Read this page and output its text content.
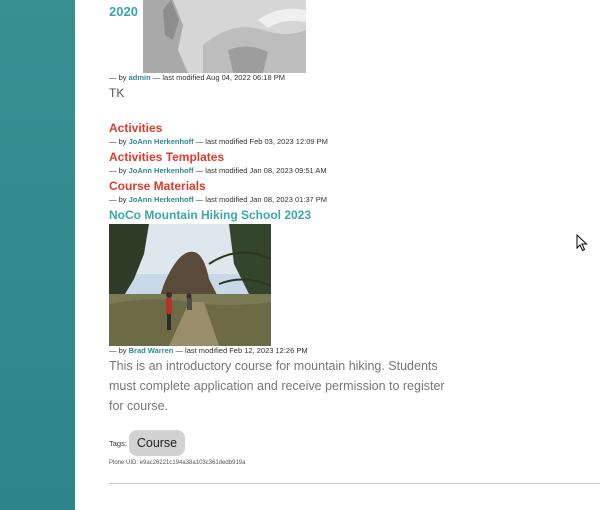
2020
— by admin — last modified Aug 04, 2022 06:18 PM
TK
Activities
— by JoAnn Herkenhoff — last modified Feb 03, 2023 12:09 PM
Activities Templates
— by JoAnn Herkenhoff — last modified Jan 08, 2023 09:51 AM
Course Materials
— by JoAnn Herkenhoff — last modified Jan 08, 2023 01:37 PM
NoCo Mountain Hiking School 2023
— by Brad Warren — last modified Feb 12, 2023 12:26 PM
This is an introductory course for mountain hiking. Students must complete application and receive permission to register for course.
Tags: Course
Plone UID: e9ac26221c194a38a103c361dedb919a
